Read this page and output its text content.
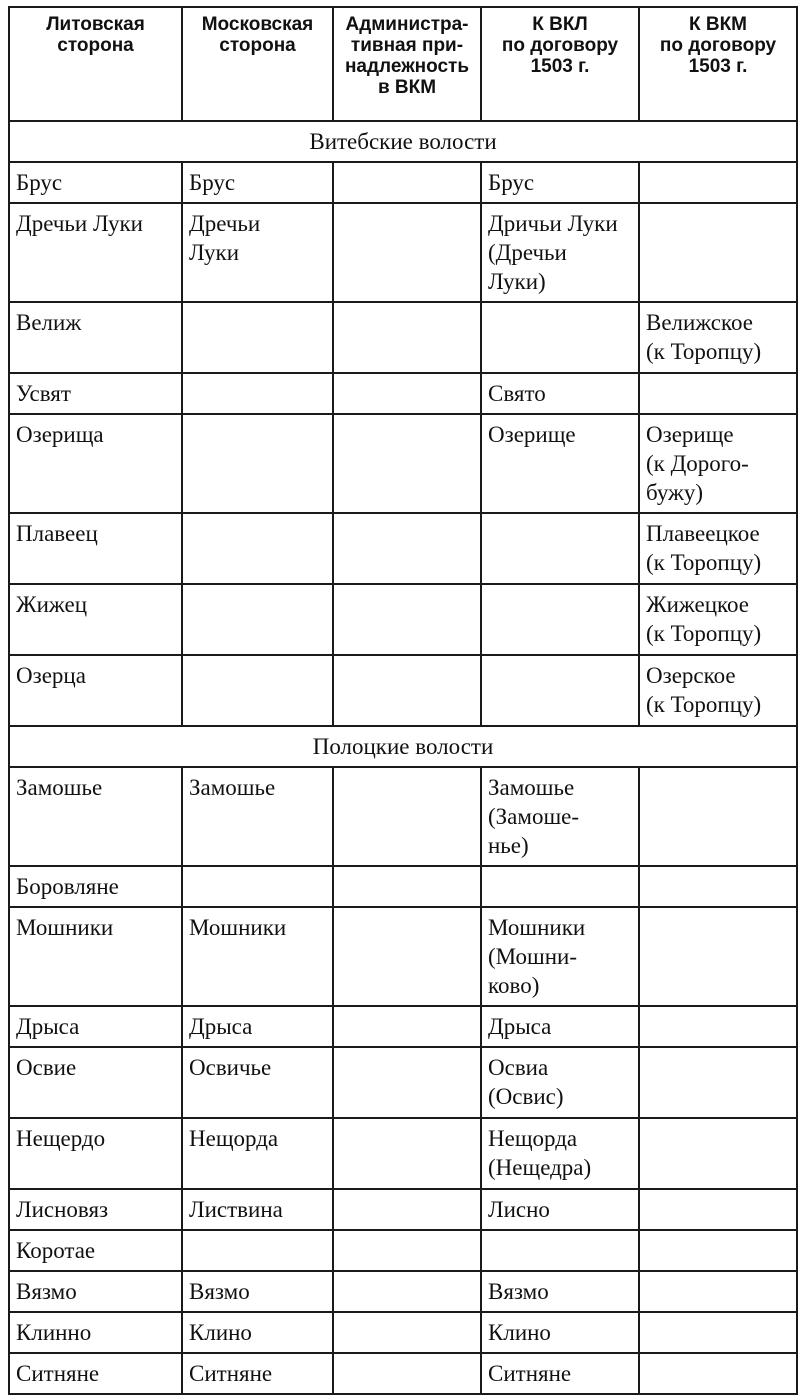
Литовская
сторона	Московская
сторона	Администра-
тивная при-
надлежность
в ВКМ	К ВКЛ
по договору
1503 г.	К ВКМ
по договору
1503 г.
Витебские волости				
Брус	Брус		Брус	
Дречьи Луки	Дречьи
Луки		Дричьи Луки
(Дречьи
Луки)	
Велиж				Велижское
(к Торопцу)
Усвят			Свято	
Озерища			Озерище	Озерище
(к Дорого-
бужу)
Плавеец				Плавеецкое
(к Торопцу)
Жижец				Жижецкое
(к Торопцу)
Озерца				Озерское
(к Торопцу)
Полоцкие волости				
Замошье	Замошье		Замошье
(Замоше-
нье)	
Боровляне				
Мошники	Мошники		Мошники
(Мошни-
ково)	
Дрыса	Дрыса		Дрыса	
Освие	Освичье		Освиа
(Освис)	
Нещердо	Нещорда		Нещорда
(Нещедра)	
Лисновяз	Листвина		Лисно	
Коротае				
Вязмо	Вязмо		Вязмо	
Клинно	Клино		Клино	
Ситняне	Ситняне		Ситняне	
